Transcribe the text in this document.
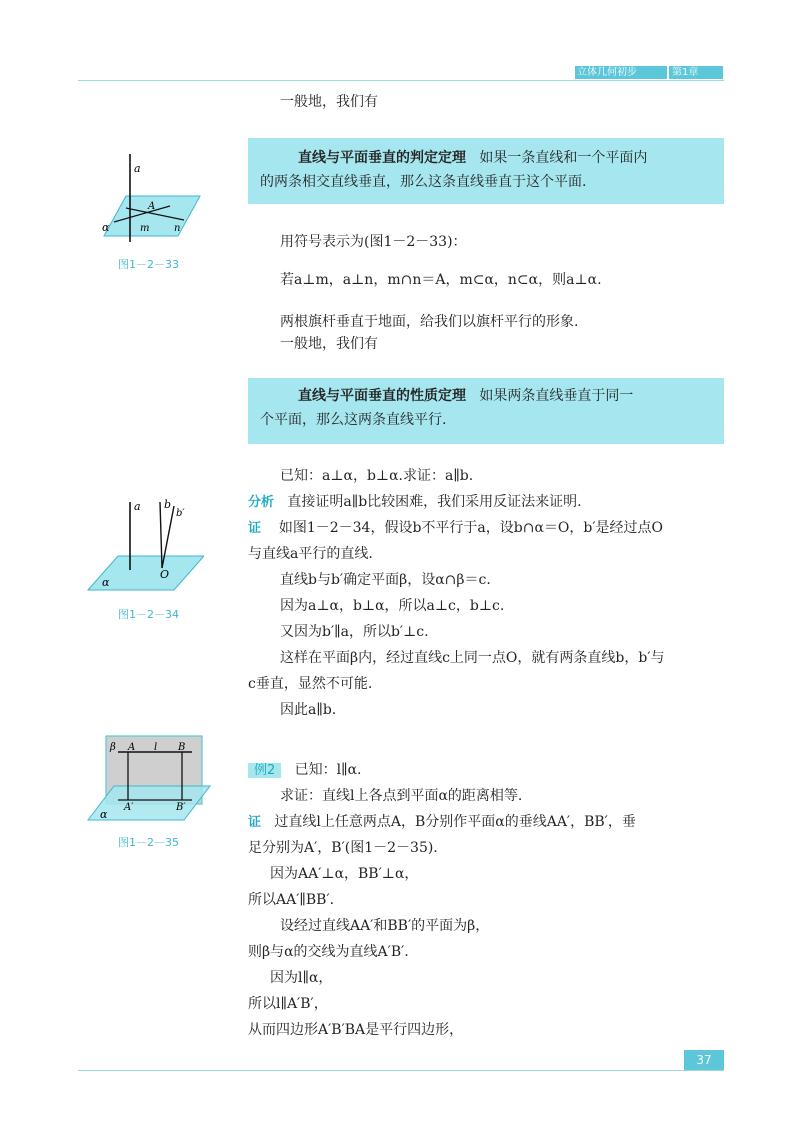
立体几何初步	第1章
一般地，我们有
直线与平面垂直的判定定理 如果一条直线和一个平面内
的两条相交直线垂直，那么这条直线垂直于这个平面.
a
A
α	m n
图1－2－33
用符号表示为(图1－2－33)：
若a⊥m，a⊥n，m∩n＝A，m⊂α，n⊂α，则a⊥α.
两根旗杆垂直于地面，给我们以旗杆平行的形象.
一般地，我们有
直线与平面垂直的性质定理 如果两条直线垂直于同一
个平面，那么这两条直线平行.
已知：a⊥α，b⊥α.求证：a∥b.
分析 直接证明a∥b比较困难，我们采用反证法来证明.
证 如图1－2－34，假设b不平行于a，设b∩α＝O，b′是经过点O
与直线a平行的直线.
直线b与b′确定平面β，设α∩β＝c.
因为a⊥α，b⊥α，所以a⊥c，b⊥c.
又因为b′∥a，所以b′⊥c.
这样在平面β内，经过直线c上同一点O，就有两条直线b，b′与
c垂直，显然不可能.
因此a∥b.
a b
b′
O
α
图1－2－34
β A l B
A′	B′
α
图1－2－35
例2 已知：l∥α.
求证：直线l上各点到平面α的距离相等.
证 过直线l上任意两点A，B分别作平面α的垂线AA′，BB′，垂
足分别为A′，B′(图1－2－35).
因为AA′⊥α，BB′⊥α，
所以AA′∥BB′.
设经过直线AA′和BB′的平面为β，
则β与α的交线为直线A′B′.
因为l∥α，
所以l∥A′B′，
从而四边形A′B′BA是平行四边形，
37
